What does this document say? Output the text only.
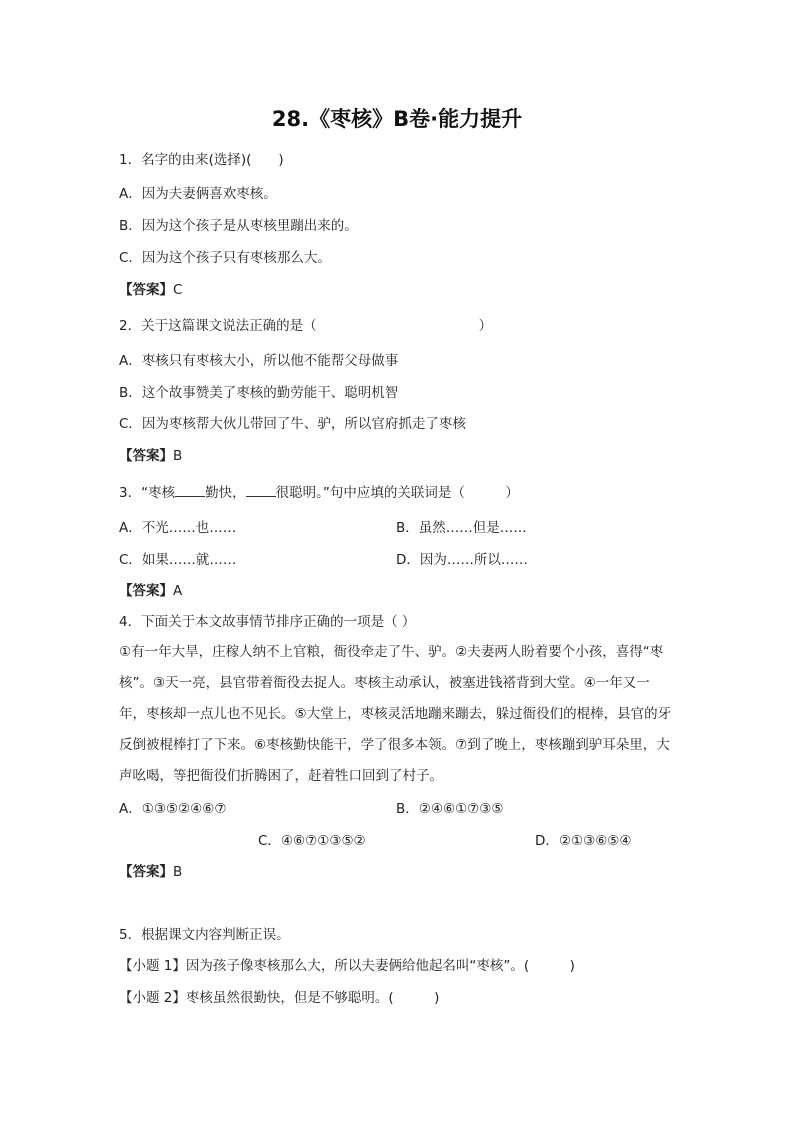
28.《枣核》B卷·能力提升
1．名字的由来(选择)(　　)
A．因为夫妻俩喜欢枣核。
B．因为这个孩子是从枣核里蹦出来的。
C．因为这个孩子只有枣核那么大。
【答案】C
2．关于这篇课文说法正确的是（　　　　　　　　　　　　）
A．枣核只有枣核大小，所以他不能帮父母做事
B．这个故事赞美了枣核的勤劳能干、聪明机智
C．因为枣核帮大伙儿带回了牛、驴，所以官府抓走了枣核
【答案】B
3．“枣核 勤快， 很聪明。”句中应填的关联词是（　　　）
A．不光……也……	B．虽然……但是……
C．如果……就……	D．因为……所以……
【答案】A
4．下面关于本文故事情节排序正确的一项是（ ）
①有一年大旱，庄稼人纳不上官粮，衙役牵走了牛、驴。②夫妻两人盼着要个小孩，喜得“枣核”。③天一亮，县官带着衙役去捉人。枣核主动承认，被塞进钱褡背到大堂。④一年又一年，枣核却一点儿也不见长。⑤大堂上，枣核灵活地蹦来蹦去，躲过衙役们的棍棒，县官的牙反倒被棍棒打了下来。⑥枣核勤快能干，学了很多本领。⑦到了晚上，枣核蹦到驴耳朵里，大声吆喝，等把衙役们折腾困了，赶着牲口回到了村子。
A．①③⑤②④⑥⑦	B．②④⑥①⑦③⑤
C．④⑥⑦①③⑤②	D．②①③⑥⑤④
【答案】B
5．根据课文内容判断正误。
【小题 1】因为孩子像枣核那么大，所以夫妻俩给他起名叫“枣核”。(　　　)
【小题 2】枣核虽然很勤快，但是不够聪明。(　　　)
